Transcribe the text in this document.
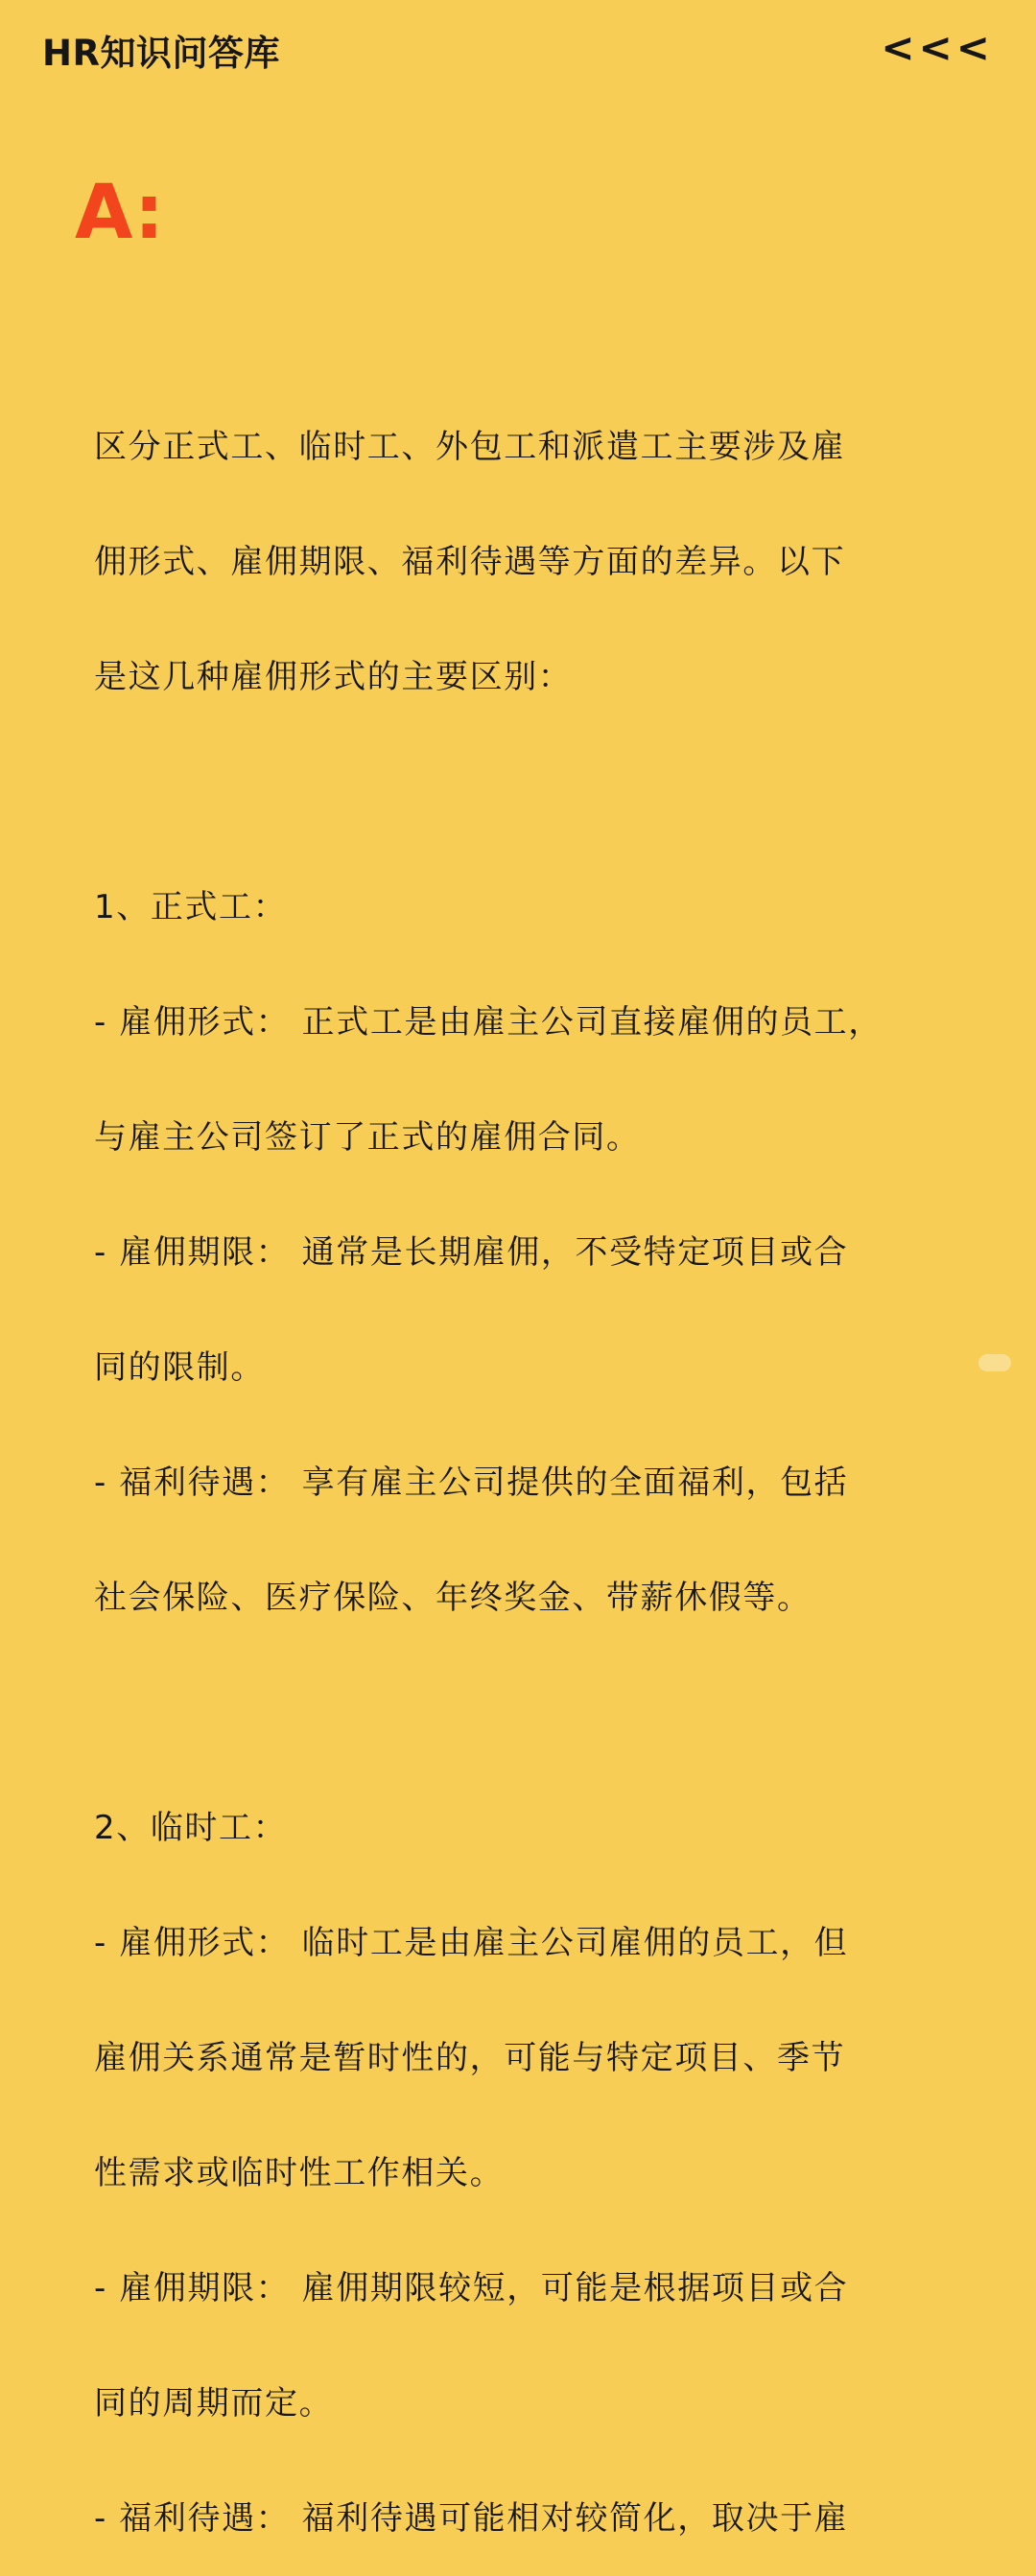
HR知识问答库	<<<
A:

区分正式工、临时工、外包工和派遣工主要涉及雇

佣形式、雇佣期限、福利待遇等方面的差异。以下

是这几种雇佣形式的主要区别：

1、正式工：

- 雇佣形式： 正式工是由雇主公司直接雇佣的员工，

与雇主公司签订了正式的雇佣合同。

- 雇佣期限： 通常是长期雇佣，不受特定项目或合

同的限制。

- 福利待遇： 享有雇主公司提供的全面福利，包括

社会保险、医疗保险、年终奖金、带薪休假等。

2、临时工：

- 雇佣形式： 临时工是由雇主公司雇佣的员工，但

雇佣关系通常是暂时性的，可能与特定项目、季节

性需求或临时性工作相关。

- 雇佣期限： 雇佣期限较短，可能是根据项目或合

同的周期而定。

- 福利待遇： 福利待遇可能相对较简化，取决于雇
